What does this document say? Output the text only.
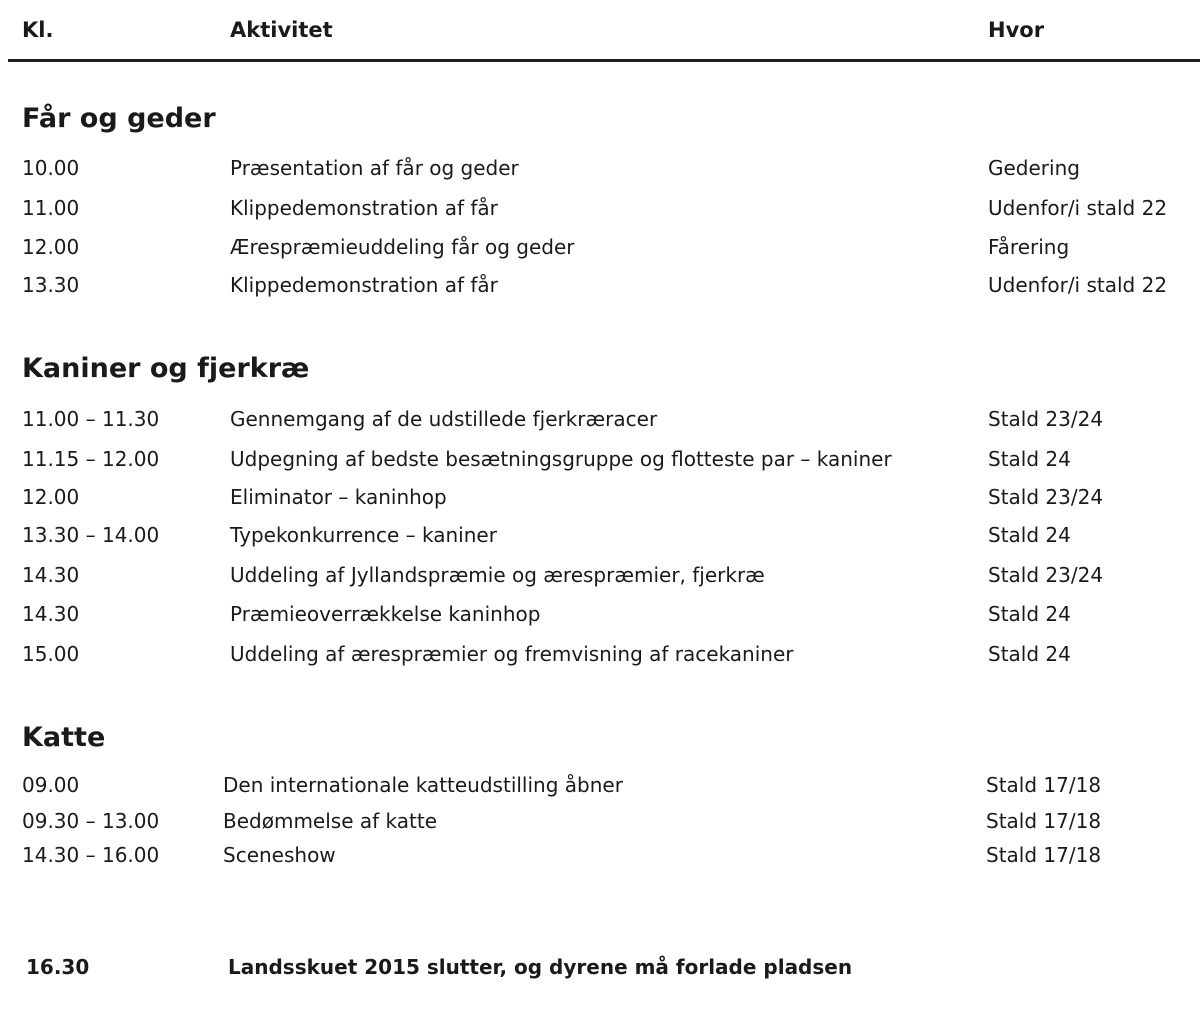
Kl.	Aktivitet	Hvor
Får og geder
10.00	Præsentation af får og geder	Gedering
11.00	Klippedemonstration af får	Udenfor/i stald 22
12.00	Ærespræmieuddeling får og geder	Fårering
13.30	Klippedemonstration af får	Udenfor/i stald 22
Kaniner og fjerkræ
11.00 – 11.30	Gennemgang af de udstillede fjerkræracer	Stald 23/24
11.15 – 12.00	Udpegning af bedste besætningsgruppe og flotteste par – kaniner	Stald 24
12.00	Eliminator – kaninhop	Stald 23/24
13.30 – 14.00	Typekonkurrence – kaniner	Stald 24
14.30	Uddeling af Jyllandspræmie og ærespræmier, fjerkræ	Stald 23/24
14.30	Præmieoverrækkelse kaninhop	Stald 24
15.00	Uddeling af ærespræmier og fremvisning af racekaniner	Stald 24
Katte
09.00	Den internationale katteudstilling åbner	Stald 17/18
09.30 – 13.00	Bedømmelse af katte	Stald 17/18
14.30 – 16.00	Sceneshow	Stald 17/18
16.30	Landsskuet 2015 slutter, og dyrene må forlade pladsen
